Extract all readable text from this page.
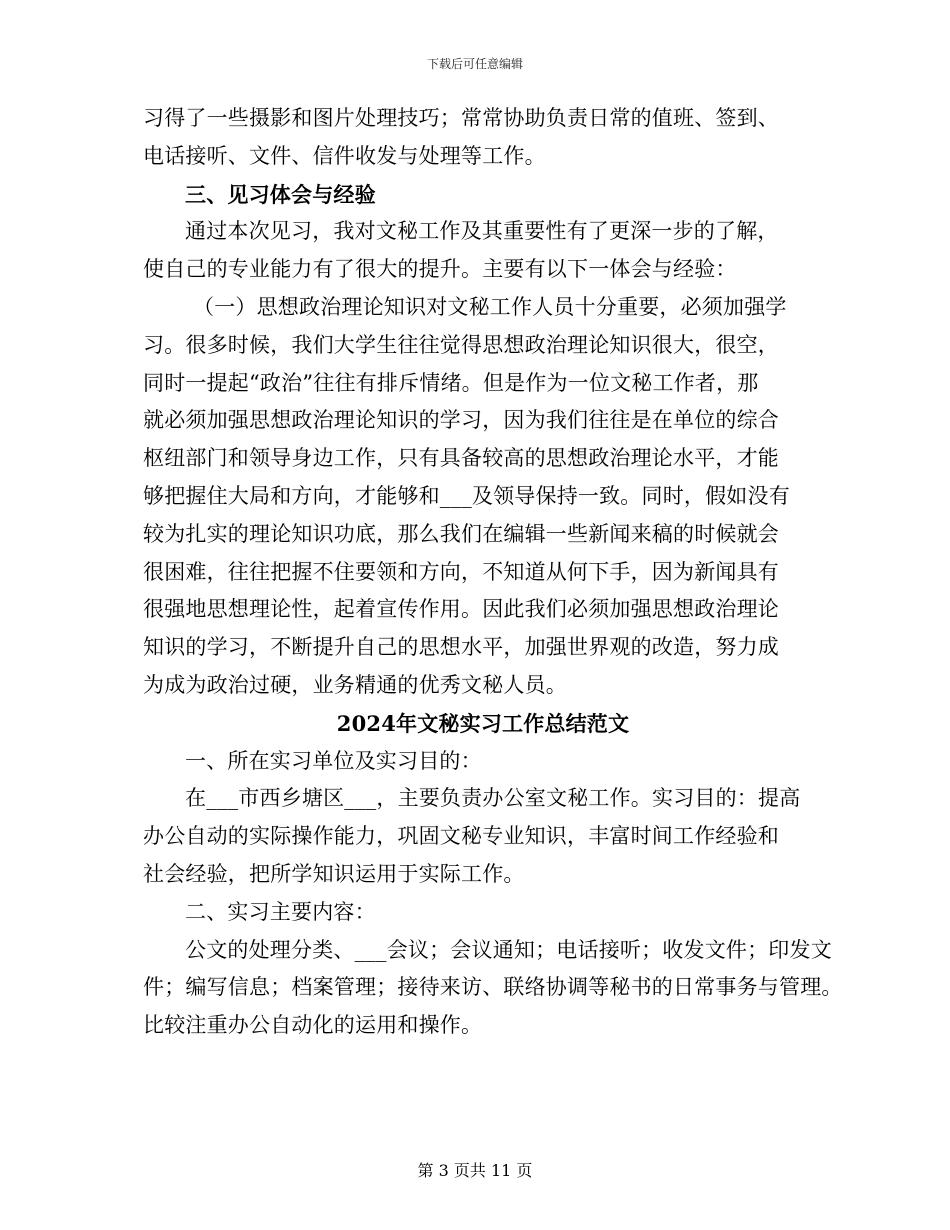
下载后可任意编辑
习得了一些摄影和图片处理技巧；常常协助负责日常的值班、签到、
电话接听、文件、信件收发与处理等工作。
三、见习体会与经验
通过本次见习，我对文秘工作及其重要性有了更深一步的了解，
使自己的专业能力有了很大的提升。主要有以下一体会与经验：
（一）思想政治理论知识对文秘工作人员十分重要，必须加强学
习。很多时候，我们大学生往往觉得思想政治理论知识很大，很空，
同时一提起“政治”往往有排斥情绪。但是作为一位文秘工作者，那
就必须加强思想政治理论知识的学习，因为我们往往是在单位的综合
枢纽部门和领导身边工作，只有具备较高的思想政治理论水平，才能
够把握住大局和方向，才能够和___及领导保持一致。同时，假如没有
较为扎实的理论知识功底，那么我们在编辑一些新闻来稿的时候就会
很困难，往往把握不住要领和方向，不知道从何下手，因为新闻具有
很强地思想理论性，起着宣传作用。因此我们必须加强思想政治理论
知识的学习，不断提升自己的思想水平，加强世界观的改造，努力成
为成为政治过硬，业务精通的优秀文秘人员。
2024年文秘实习工作总结范文
一、所在实习单位及实习目的：
在___市西乡塘区___，主要负责办公室文秘工作。实习目的：提高
办公自动的实际操作能力，巩固文秘专业知识，丰富时间工作经验和
社会经验，把所学知识运用于实际工作。
二、实习主要内容：
公文的处理分类、___会议；会议通知；电话接听；收发文件；印发文
件；编写信息；档案管理；接待来访、联络协调等秘书的日常事务与管理。
比较注重办公自动化的运用和操作。
第 3 页共 11 页
